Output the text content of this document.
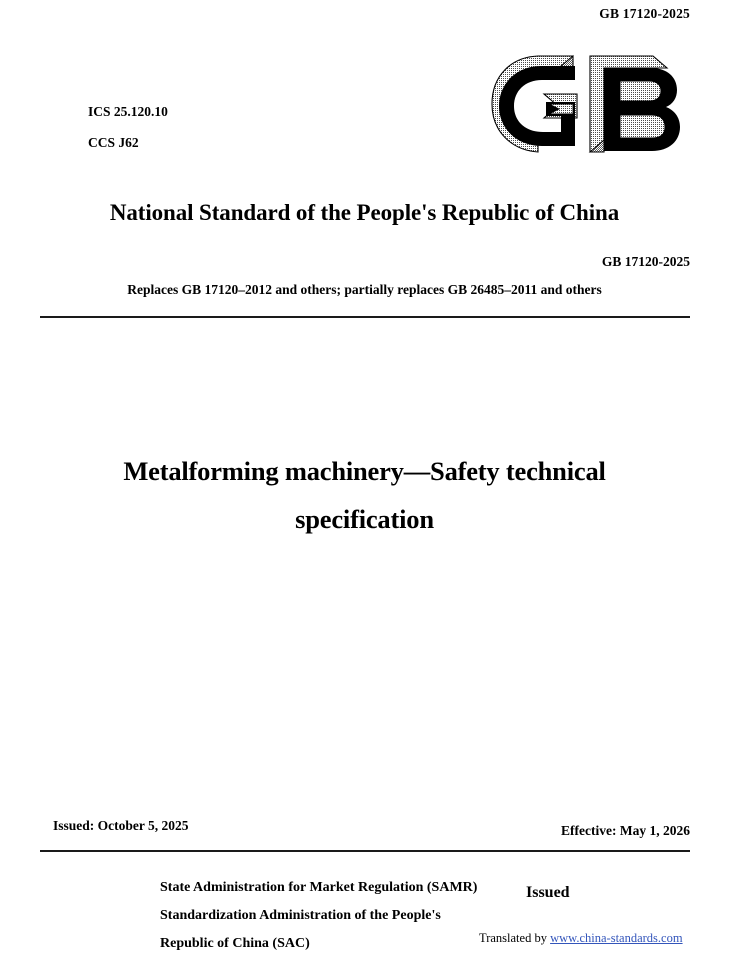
GB 17120-2025
ICS 25.120.10
CCS J62
National Standard of the People's Republic of China
GB 17120-2025
Replaces GB 17120–2012 and others; partially replaces GB 26485–2011 and others
Metalforming machinery—Safety technical
specification
Issued: October 5, 2025	Effective: May 1, 2026
State Administration for Market Regulation (SAMR)
Standardization Administration of the People's
Republic of China (SAC)
Issued
Translated by www.china-standards.com
